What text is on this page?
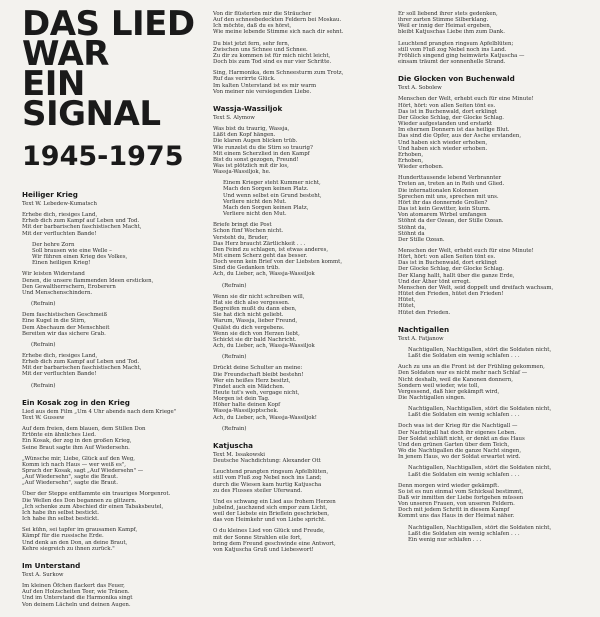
DAS LIED
WAR
EIN SIGNAL
1945-1975
Heiliger Krieg
Text W. Lebedew-Kumatsch
Erhebe dich, riesiges Land,
Erheb dich zum Kampf auf Leben und Tod.
Mit der barbarischen faschistischen Macht,
Mit der verfluchten Bande!
Der hehre Zorn
Soll brausen wie eine Welle –
Wir führen einen Krieg des Volkes,
Einen heiligen Krieg!
Wir leisten Widerstand
Denen, die unsere flammenden Ideen ersticken,
Den Gewaltherrschern, Eroberern
Und Menschenschindern.
(Refrain)
Dem faschistischen Geschmeiß
Eine Kugel in die Stirn,
Dem Abschaum der Menschheit
Bereiten wir das sichere Grab.
(Refrain)
Erhebe dich, riesiges Land,
Erheb dich zum Kampf auf Leben und Tod.
Mit der barbarischen faschistischen Macht,
Mit der verfluchten Bande!
(Refrain)
Ein Kosak zog in den Krieg
Lied aus dem Film „Um 4 Uhr abends nach dem Kriege"
Text W. Gussew
Auf dem freien, dem blauen, dem Stillen Don
Ertönte ein ähnliches Lied.
Ein Kosak, der zog in den großen Krieg,
Seine Braut sagte ihm Auf Wiedersehn.
„Wünsche mir, Liebe, Glück auf den Weg,
Komm ich nach Haus — wer weiß es",
Sprach der Kosak, sagt „Auf Wiedersehn" —
„Auf Wiedersehn", sagte die Braut.
„Auf Wiedersehn", sagte die Braut.
Über der Steppe entflammte ein trauriges Morgenrot.
Die Wellen des Don begannen zu glitzern.
„Ich schenke zum Abschied dir einen Tabaksbeutel,
Ich habe ihn selbst bestickt.
Ich habe ihn selbst bestickt.
Sei kühn, sei tapfer im grausamen Kampf,
Kämpf für die russische Erde.
Und denk an den Don, an deine Braut,
Kehre siegreich zu ihnen zurück."
Im Unterstand
Text A. Surkow
Im kleinen Öfchen flackert das Feuer,
Auf den Holzscheiten Teer, wie Tränen.
Und im Unterstand die Harmonika singt
Von deinem Lächeln und deinen Augen.
Von dir flüsterten mir die Sträucher
Auf den schneebedeckten Feldern bei Moskau.
Ich möchte, daß du es hörst,
Wie meine lebende Stimme sich nach dir sehnt.
Du bist jetzt fern, sehr fern,
Zwischen uns Schnee und Schnee.
Zu dir zu kommen ist für mich nicht leicht,
Doch bis zum Tod sind es nur vier Schritte.
Sing, Harmonika, dem Schneesturm zum Trotz,
Ruf das verirrte Glück.
Im kalten Unterstand ist es mir warm
Von meiner nie versiegenden Liebe.
Wassja-Wassiljok
Text S. Alymow
Was bist du traurig, Wassja,
Läßt den Kopf hängen.
Die klaren Augen blicken trüb.
Wie runzelst du die Stirn so traurig?
Mit einem Scherzlied in den Kampf
Bist du sonst gezogen, Freund!
Was ist plötzlich mit dir los,
Wassja-Wassiljok, he.
Einem Krieger steht Kummer nicht,
Mach den Sorgen keinen Platz.
Und wenn selbst ein Grund besteht,
Verliere nicht den Mut.
Mach den Sorgen keinen Platz,
Verliere nicht den Mut.
Briefe bringt die Post
Schon fünf Wochen nicht.
Versteht du, Bruder,
Das Herz braucht Zärtlichkeit . . .
Den Feind zu schlagen, ist etwas anderes,
Mit einem Scherz geht das besser.
Doch wenn kein Brief von der Liebsten kommt,
Sind die Gedanken trüb.
Ach, du Lieber, ach, Wassja-Wassiljok
(Refrain)
Wenn sie dir nicht schreiben will,
Hat sie dich also vergessen.
Begreifen mußt du dann eben,
Sie hat dich nicht geliebt.
Warum, Wassja, lieber Freund,
Quälst du dich vergebens.
Wenn sie dich von Herzen liebt,
Schickt sie dir bald Nachricht.
Ach, du Lieber, ach, Wassja-Wassiljok
(Refrain)
Drückt deine Schulter an meine:
Die Freundschaft bleibt bestehn!
Wer ein heißes Herz besitzt,
Findet auch ein Mädchen.
Heute tut's weh, vergage nicht,
Morgen ist dein Tag.
Höher halte deinen Kopf
Wassja-Wassiljoptschek.
Ach, du Lieber, ach, Wassja-Wassiljok!
(Refrain)
Katjuscha
Text M. Issakowski
Deutsche Nachdichtung: Alexander Ott
Leuchtend prangten ringsum Apfelblüten,
still vom Fluß zog Nebel noch ins Land;
durch die Wiesen kam hurtig Katjuscha
zu des Flusses steiler Uferwand.
Und es schwang ein Lied aus frohem Herzen
jubelnd, jauchzend sich empor zum Licht,
weil der Liebste ein Brieflein geschrieben,
das von Heimkehr und von Liebe spricht.
O du kleines Lied von Glück und Freude,
mit der Sonne Strahlen eile fort,
bring dem Freund geschwinde eine Antwort,
von Katjuscha Gruß und Liebeswort!
Er soll liebend ihrer stets gedenken,
ihrer zarten Stimme Silberklang.
Weil er innig der Heimat ergeben,
bleibt Katjuschas Liebe ihm zum Dank.
Leuchtend prangten ringsum Apfelblüten;
still vom Fluß zog Nebel noch ins Land.
Fröhlich singend ging heimwärts Katjuscha —
einsam träumt der sonnenhelle Strand.
Die Glocken von Buchenwald
Text A. Sobolew
Menschen der Welt, erhebt euch für eine Minute!
Hört, hört: von allen Seiten tönt es.
Das ist in Buchenwald, dort erklingt
Der Glocke Schlag, der Glocke Schlag.
Wieder aufgestanden und erstarkt
Im ehernen Donnern ist das heilige Blut.
Das sind die Opfer, aus der Asche erstanden,
Und haben sich wieder erhoben,
Und haben sich wieder erhoben.
Erhoben,
Erhoben,
Wieder erhoben.
Hunderttausende lebend Verbrannter
Treten an, treten an in Reih und Glied.
Die internationalen Kolonnen
Sprechen mit uns, sprechen mit uns.
Hört ihr das donnernde Grollen?
Das ist kein Gewitter, kein Sturm.
Von atomarem Wirbel umfangen
Stöhnt da der Ozean, der Stille Ozean.
Stöhnt da,
Stöhnt da
Der Stille Ozean.
Menschen der Welt, erhebt euch für eine Minute!
Hört, hört: von allen Seiten tönt es.
Das ist in Buchenwald, dort erklingt
Der Glocke Schlag, der Glocke Schlag.
Der Klang hallt, hallt über die ganze Erde,
Und der Äther tönt erregt.
Menschen der Welt, seid doppelt und dreifach wachsam,
Hütet den Frieden, hütet den Frieden!
Hütet,
Hütet,
Hütet den Frieden.
Nachtigallen
Text A. Fatjanow
Nachtigallen, Nachtigallen, stört die Soldaten nicht,
Laßt die Soldaten ein wenig schlafen . . .
Auch zu uns an die Front ist der Frühling gekommen,
Den Soldaten war es nicht mehr nach Schlaf —
Nicht deshalb, weil die Kanonen donnern,
Sondern weil wieder, wie toll,
Vergessend, daß hier gekämpft wird,
Die Nachtigallen singen.
Nachtigallen, Nachtigallen, stört die Soldaten nicht,
Laßt die Soldaten ein wenig schlafen . . .
Doch was ist der Krieg für die Nachtigall —
Der Nachtigall hat doch ihr eigenes Leben.
Der Soldat schläft nicht, er denkt an das Haus
Und den grünen Garten über dem Teich,
Wo die Nachtigallen die ganze Nacht singen,
In jenem Haus, wo der Soldat erwartet wird.
Nachtigallen, Nachtigallen, stört die Soldaten nicht,
Laßt die Soldaten ein wenig schlafen . . .
Denn morgen wird wieder gekämpft.
So ist es nun einmal vom Schicksal bestimmt,
Daß wir inmitten der Liebe fortgehen müssen
Von unseren Frauen, von unseren Feldern.
Doch mit jedem Schritt in diesem Kampf
Kommt uns das Haus in der Heimat näher.
Nachtigallen, Nachtigallen, stört die Soldaten nicht,
Laßt die Soldaten ein wenig schlafen . . .
Ein wenig nur schlafen . . .
